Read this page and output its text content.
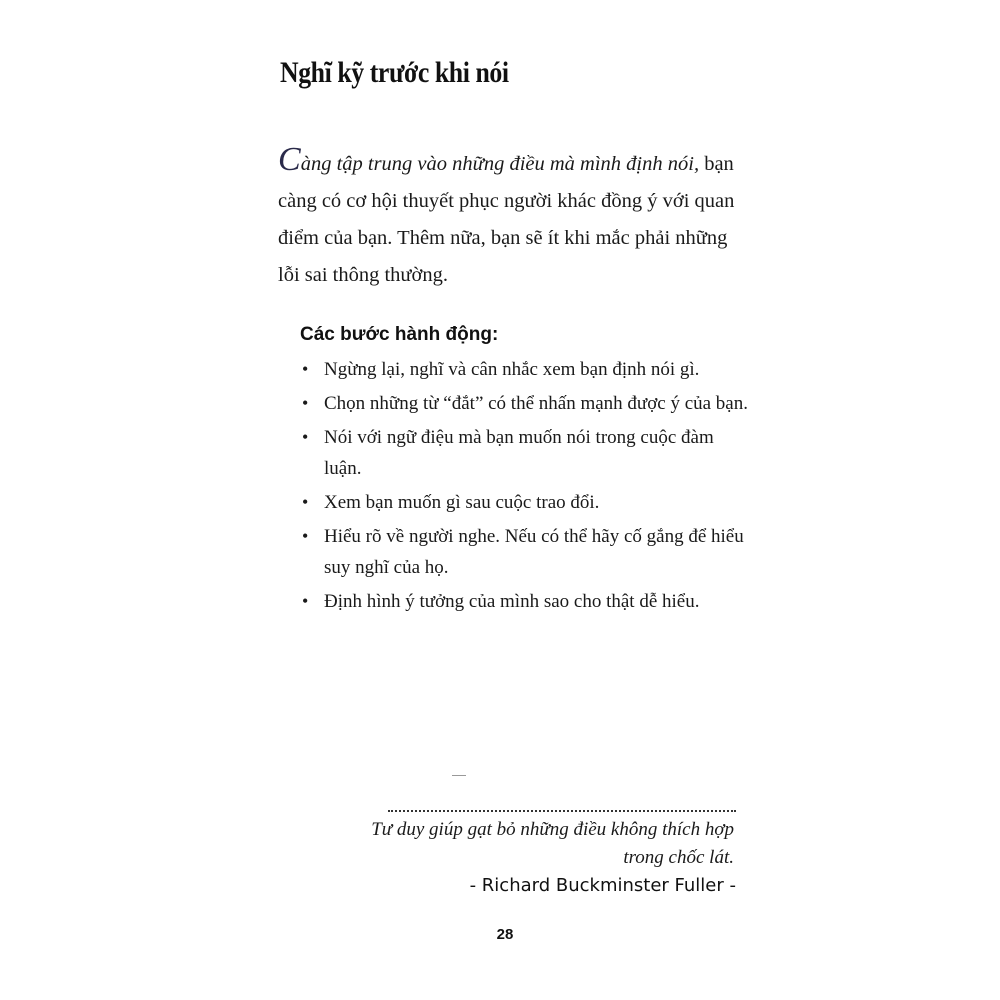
Nghĩ kỹ trước khi nói

Càng tập trung vào những điều mà mình định nói, bạn càng có cơ hội thuyết phục người khác đồng ý với quan điểm của bạn. Thêm nữa, bạn sẽ ít khi mắc phải những lỗi sai thông thường.

Các bước hành động:
• Ngừng lại, nghĩ và cân nhắc xem bạn định nói gì.
• Chọn những từ “đắt” có thể nhấn mạnh được ý của bạn.
• Nói với ngữ điệu mà bạn muốn nói trong cuộc đàm luận.
• Xem bạn muốn gì sau cuộc trao đổi.
• Hiểu rõ về người nghe. Nếu có thể hãy cố gắng để hiểu suy nghĩ của họ.
• Định hình ý tưởng của mình sao cho thật dễ hiểu.

Tư duy giúp gạt bỏ những điều không thích hợp
trong chốc lát.

- Richard Buckminster Fuller -

28
